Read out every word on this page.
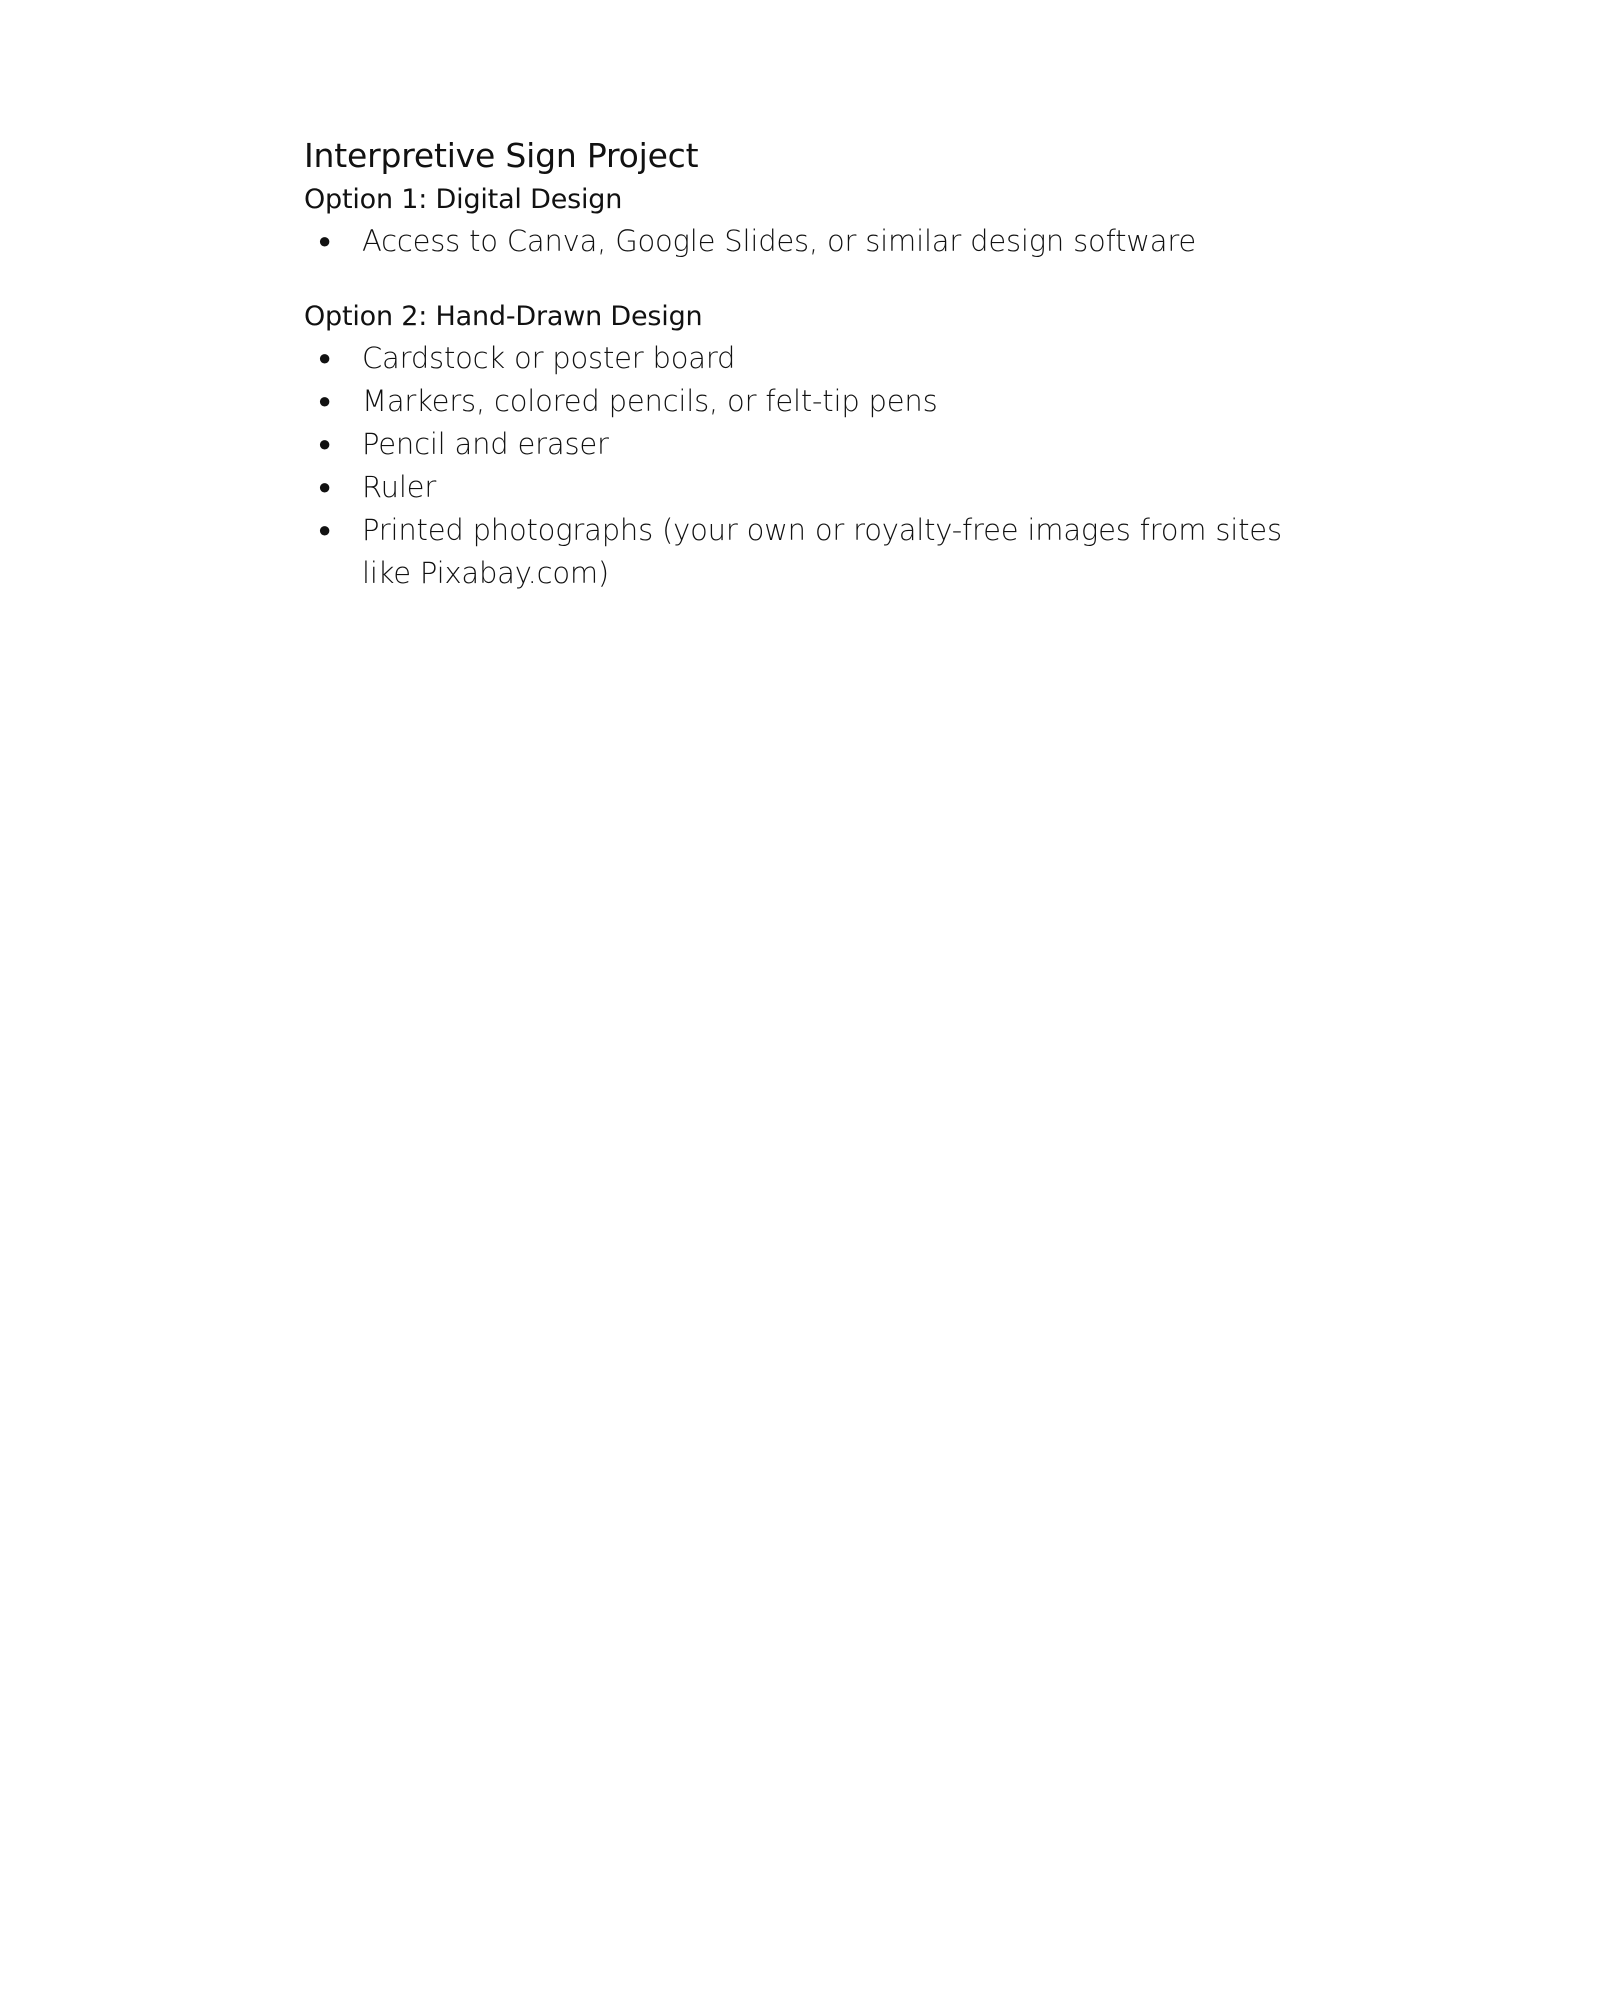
Interpretive Sign Project
Option 1: Digital Design
● Access to Canva, Google Slides, or similar design software
Option 2: Hand-Drawn Design
● Cardstock or poster board
● Markers, colored pencils, or felt-tip pens
● Pencil and eraser
● Ruler
● Printed photographs (your own or royalty-free images from sites like Pixabay.com)
